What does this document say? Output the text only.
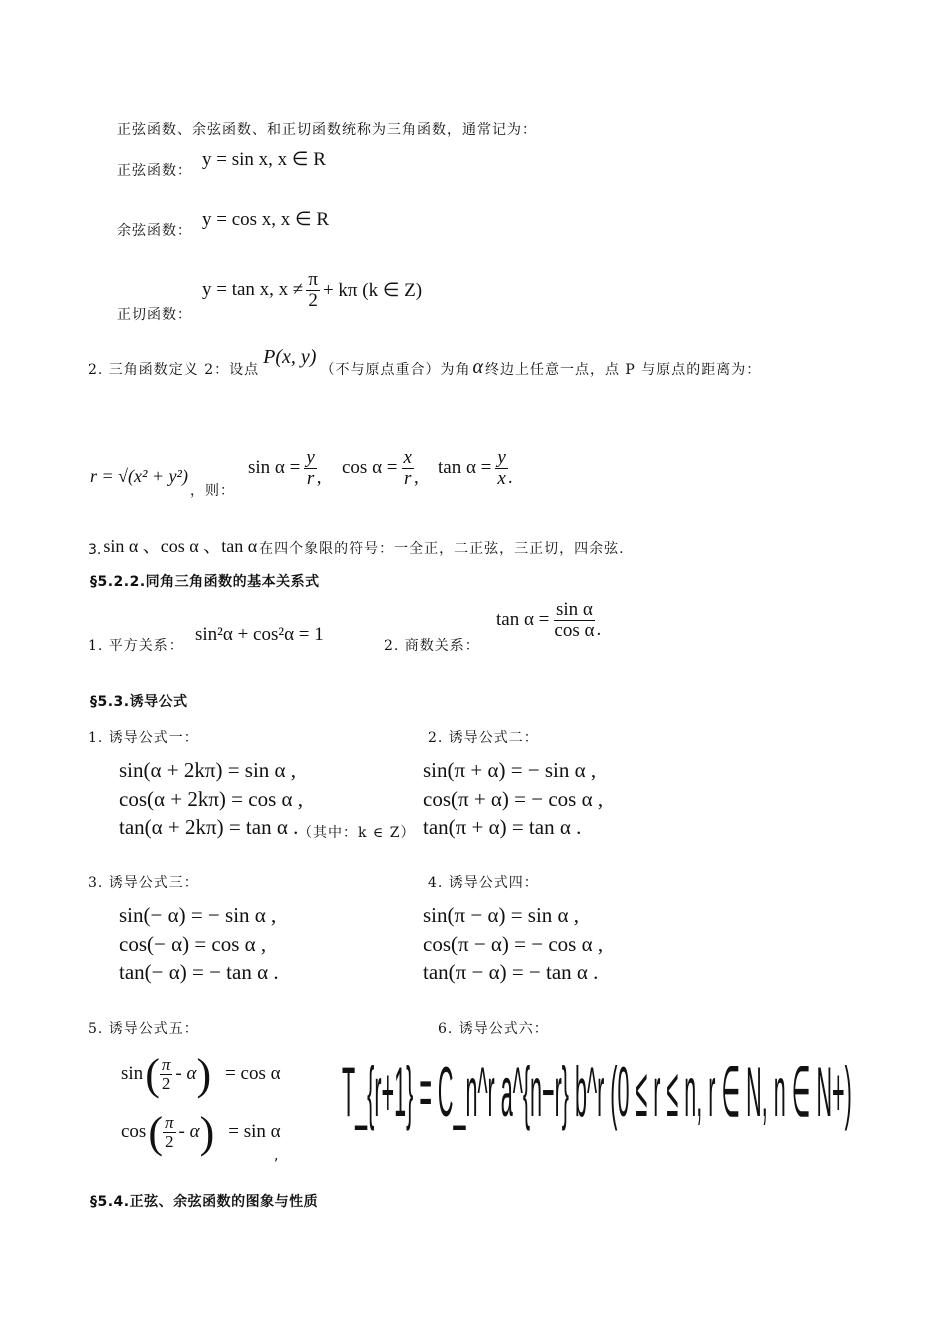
正弦函数、余弦函数、和正切函数统称为三角函数，通常记为：
正弦函数：
y = sin x, x ∈ R
余弦函数：
y = cos x, x ∈ R
正切函数：
y = tan x, $x \ne \frac{\pi}{2} + k\pi$ (k ∈ Z)
2. 三角函数定义 2：设点
P(x, y)
（不与原点重合）为角 α 终边上任意一点，点 P 与原点的距离为：
r = √(x² + y²)
，则：
$\sin \alpha = \frac{y}{r}$ , $\cos \alpha = \frac{x}{r}$ , $\tan \alpha = \frac{y}{x}$ .
3. sin α 、cos α 、tan α 在四个象限的符号：一全正，二正弦，三正切，四余弦.
§5.2.2.同角三角函数的基本关系式
1. 平方关系：
sin²α + cos²α = 1
2. 商数关系：
$\tan \alpha = \frac{\text{sin α}}{\text{cos α}}$ .
§5.3.诱导公式
1. 诱导公式一：
sin(α + 2kπ) = sin α ,
cos(α + 2kπ) = cos α ,
tan(α + 2kπ) = tan α . （其中：k ∈ Z）
2. 诱导公式二：
sin(π + α) = − sin α ,
cos(π + α) = − cos α ,
tan(π + α) = tan α .
3. 诱导公式三：
sin(− α) = − sin α ,
cos(− α) = cos α ,
tan(− α) = − tan α .
4. 诱导公式四：
sin(π − α) = sin α ,
cos(π − α) = − cos α ,
tan(π − α) = − tan α .
5. 诱导公式五：
sin ( $\frac{\pi}{2}$ - α ) = cos α
cos ( $\frac{\pi}{2}$ - α ) = sin α
,
6. 诱导公式六：
T_{r+1} = C_n^r a^{n−r} b^r (0 ≤ r ≤ n, r ∈ N, n ∈ N+)
§5.4.正弦、余弦函数的图象与性质
